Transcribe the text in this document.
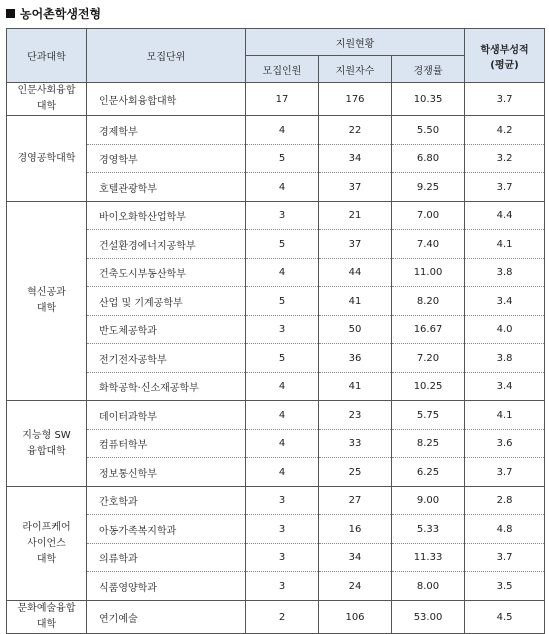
농어촌학생전형
단과대학	모집단위	지원현황			학생부성적
(평균)

		모집인원	지원자수	경쟁률	

인문사회융합
대학	인문사회융합대학	17	176	10.35	3.7

경영공학대학	경제학부	4	22	5.50	4.2
	경영학부	5	34	6.80	3.2
	호텔관광학부	4	37	9.25	3.7

혁신공과
대학	바이오화학산업학부	3	21	7.00	4.4
	건설환경에너지공학부	5	37	7.40	4.1
	건축도시부동산학부	4	44	11.00	3.8
	산업 및 기계공학부	5	41	8.20	3.4
	반도체공학과	3	50	16.67	4.0
	전기전자공학부	5	36	7.20	3.8
	화학공학·신소재공학부	4	41	10.25	3.4

지능형 SW
융합대학	데이터과학부	4	23	5.75	4.1
	컴퓨터학부	4	33	8.25	3.6
	정보통신학부	4	25	6.25	3.7

라이프케어
사이언스
대학	간호학과	3	27	9.00	2.8
	아동가족복지학과	3	16	5.33	4.8
	의류학과	3	34	11.33	3.7
	식품영양학과	3	24	8.00	3.5

문화예술융합
대학	연기예술	2	106	53.00	4.5
